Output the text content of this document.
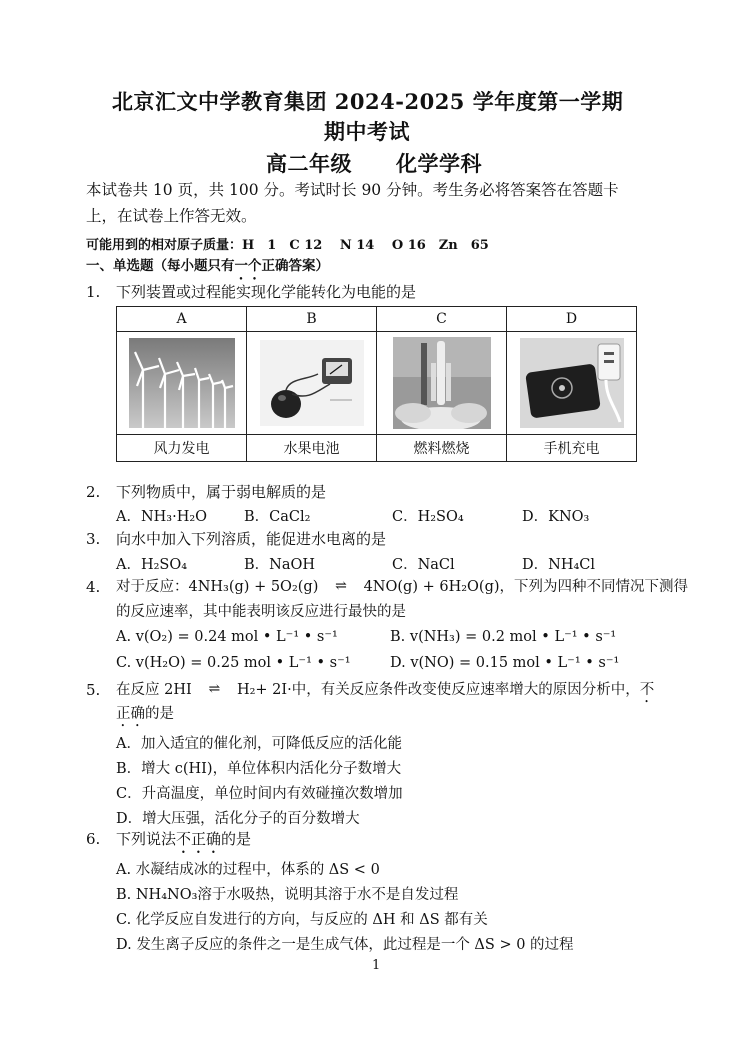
北京汇文中学教育集团 2024-2025 学年度第一学期
期中考试
高二年级 化学学科
本试卷共 10 页，共 100 分。考试时长 90 分钟。考生务必将答案答在答题卡
上，在试卷上作答无效。
可能用到的相对原子质量：H　1　C 12　 N 14　 O 16　Zn　65
一、单选题（每小题只有一个正确答案）
1. 下列装置或过程能实现化学能转化为电能的是
A	B	C	D

风力发电	水果电池	燃料燃烧	手机充电
2. 下列物质中，属于弱电解质的是
A．NH₃·H₂O	B．CaCl₂	C．H₂SO₄	D．KNO₃
3. 向水中加入下列溶质，能促进水电离的是
A．H₂SO₄	B．NaOH	C．NaCl	D．NH₄Cl
4. 对于反应：4NH₃(g) + 5O₂(g) ⇌ 4NO(g) + 6H₂O(g)，下列为四种不同情况下测得
的反应速率，其中能表明该反应进行最快的是
A. v(O₂) = 0.24 mol • L⁻¹ • s⁻¹	B. v(NH₃) = 0.2 mol • L⁻¹ • s⁻¹
C. v(H₂O) = 0.25 mol • L⁻¹ • s⁻¹	D. v(NO) = 0.15 mol • L⁻¹ • s⁻¹
5. 在反应 2HI ⇌ H₂+ 2I·中，有关反应条件改变使反应速率增大的原因分析中，不
正确的是
A．加入适宜的催化剂，可降低反应的活化能
B．增大 c(HI)，单位体积内活化分子数增大
C．升高温度，单位时间内有效碰撞次数增加
D．增大压强，活化分子的百分数增大
6. 下列说法不正确的是
A. 水凝结成冰的过程中，体系的 ΔS < 0
B. NH₄NO₃溶于水吸热，说明其溶于水不是自发过程
C. 化学反应自发进行的方向，与反应的 ΔH 和 ΔS 都有关
D. 发生离子反应的条件之一是生成气体，此过程是一个 ΔS > 0 的过程
1
